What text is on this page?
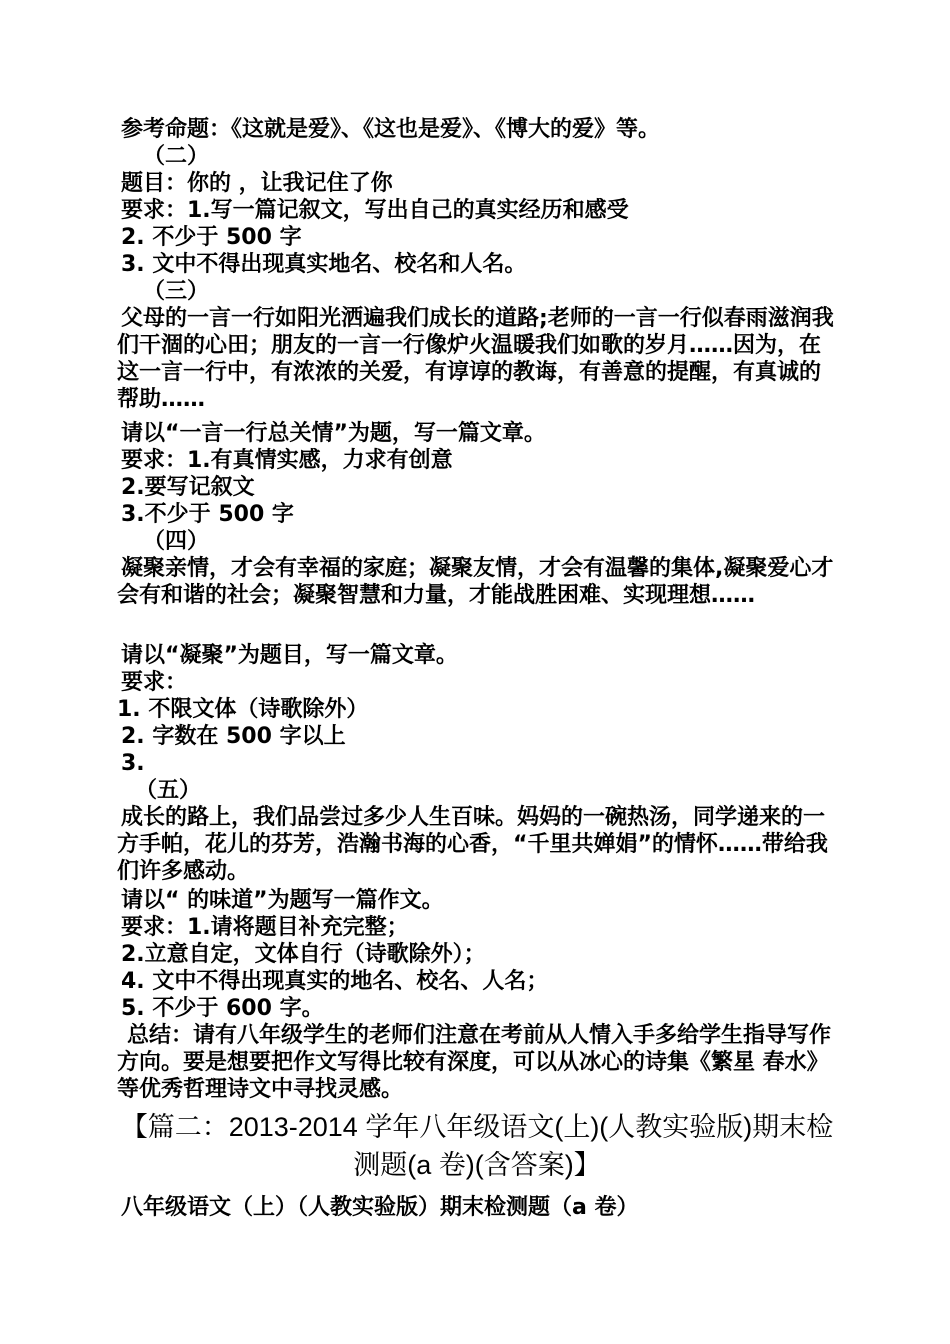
参考命题：《这就是爱》、《这也是爱》、《博大的爱》等。
（二）
题目：你的 ，让我记住了你
要求：1.写一篇记叙文，写出自己的真实经历和感受
2. 不少于 500 字
3. 文中不得出现真实地名、校名和人名。
（三）
父母的一言一行如阳光洒遍我们成长的道路;老师的一言一行似春雨滋润我们干涸的心田；朋友的一言一行像炉火温暖我们如歌的岁月……因为，在这一言一行中，有浓浓的关爱，有谆谆的教诲，有善意的提醒，有真诚的帮助……
请以“一言一行总关情”为题，写一篇文章。
要求：1.有真情实感，力求有创意
2.要写记叙文
3.不少于 500 字
（四）
凝聚亲情，才会有幸福的家庭；凝聚友情，才会有温馨的集体,凝聚爱心才会有和谐的社会；凝聚智慧和力量，才能战胜困难、实现理想……
请以“凝聚”为题目，写一篇文章。
要求：
1. 不限文体（诗歌除外）
2. 字数在 500 字以上
3.
（五）
成长的路上，我们品尝过多少人生百味。妈妈的一碗热汤，同学递来的一方手帕，花儿的芬芳，浩瀚书海的心香，“千里共婵娟”的情怀……带给我们许多感动。
请以“ 的味道”为题写一篇作文。
要求：1.请将题目补充完整；
2.立意自定，文体自行（诗歌除外）；
4. 文中不得出现真实的地名、校名、人名；
5. 不少于 600 字。
总结：请有八年级学生的老师们注意在考前从人情入手多给学生指导写作方向。要是想要把作文写得比较有深度，可以从冰心的诗集《繁星 春水》等优秀哲理诗文中寻找灵感。
【篇二：2013-2014 学年八年级语文(上)(人教实验版)期末检测题(a 卷)(含答案)】
八年级语文（上）（人教实验版）期末检测题（a 卷）
